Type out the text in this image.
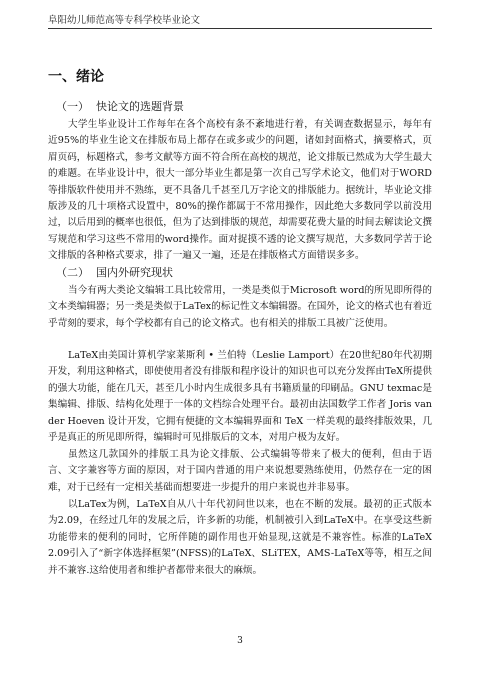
阜阳幼儿师范高等专科学校毕业论文
一、绪论
（一） 快论文的选题背景

大学生毕业设计工作每年在各个高校有条不紊地进行着，有关调查数据显示，每年有近95%的毕业生论文在排版布局上都存在或多或少的问题，诸如封面格式，摘要格式，页眉页码，标题格式，参考文献等方面不符合所在高校的规范，论文排版已然成为大学生最大的难题。在毕业设计中，很大一部分毕业生都是第一次自己写学术论文，他们对于WORD等排版软件使用并不熟练，更不具备几千甚至几万字论文的排版能力。据统计，毕业论文排版涉及的几十项格式设置中，80%的操作都属于不常用操作，因此绝大多数同学以前没用过，以后用到的概率也很低，但为了达到排版的规范，却需要花费大量的时间去解读论文撰写规范和学习这些不常用的word操作。面对捉摸不透的论文撰写规范，大多数同学苦于论文排版的各种格式要求，排了一遍又一遍，还是在排版格式方面错误多多。

（二） 国内外研究现状

当今有两大类论文编辑工具比较常用，一类是类似于Microsoft word的所见即所得的文本类编辑器；另一类是类似于LaTex的标记性文本编辑器。在国外，论文的格式也有着近乎苛刻的要求，每个学校都有自己的论文格式。也有相关的排版工具被广泛使用。

LaTeX由美国计算机学家莱斯利 • 兰伯特（Leslie Lamport）在20世纪80年代初期开发，利用这种格式，即使使用者没有排版和程序设计的知识也可以充分发挥由TeX所提供的强大功能，能在几天，甚至几小时内生成很多具有书籍质量的印刷品。GNU texmac是集编辑、排版、结构化处理于一体的文档综合处理平台。最初由法国数学工作者 Joris van der Hoeven 设计开发，它拥有便捷的文本编辑界面和 TeX 一样美观的最终排版效果，几乎是真正的所见即所得，编辑时可见排版后的文本，对用户极为友好。

虽然这几款国外的排版工具为论文排版、公式编辑等带来了极大的便利，但由于语言、文字兼容等方面的原因，对于国内普通的用户来说想要熟练使用，仍然存在一定的困难，对于已经有一定相关基础而想要进一步提升的用户来说也并非易事。

以LaTex为例，LaTeX自从八十年代初问世以来，也在不断的发展。最初的正式版本为2.09，在经过几年的发展之后，许多新的功能，机制被引入到LaTeX中。在享受这些新功能带来的便利的同时，它所伴随的副作用也开始显现,这就是不兼容性。标准的LaTeX 2.09引入了“新字体选择框架”(NFSS)的LaTeX、SLiTEX，AMS-LaTeX等等，相互之间并不兼容.这给使用者和维护者都带来很大的麻烦。

3
